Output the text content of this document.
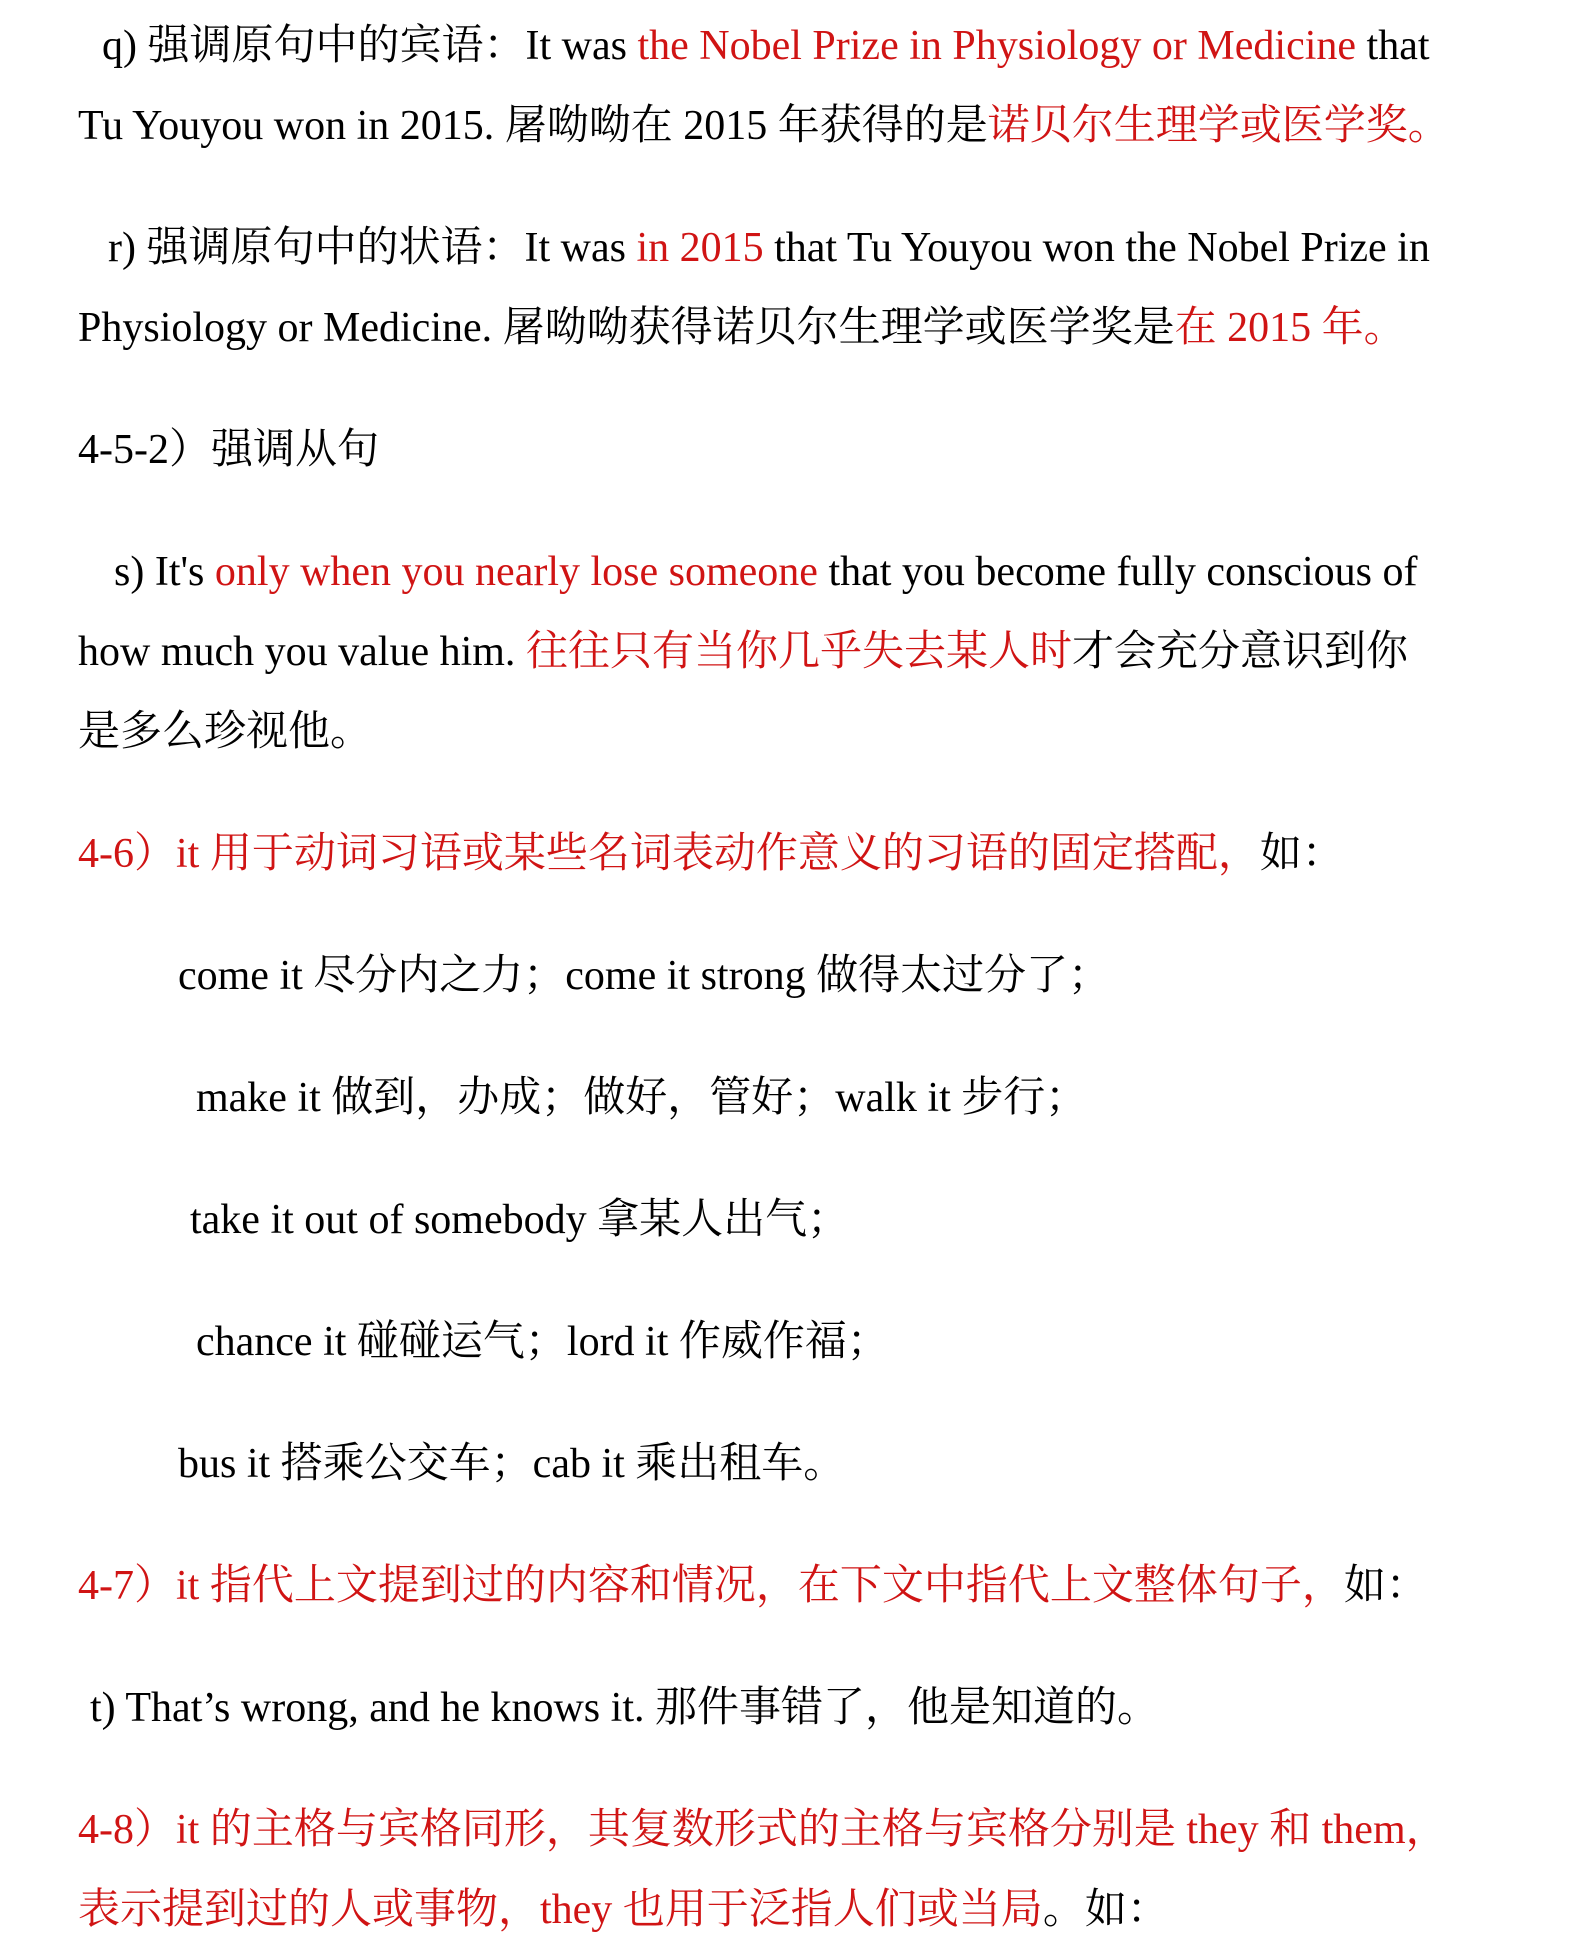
q) 强调原句中的宾语：It was the Nobel Prize in Physiology or Medicine that
Tu Youyou won in 2015. 屠呦呦在 2015 年获得的是诺贝尔生理学或医学奖。
r) 强调原句中的状语：It was in 2015 that Tu Youyou won the Nobel Prize in
Physiology or Medicine. 屠呦呦获得诺贝尔生理学或医学奖是在 2015 年。
4-5-2）强调从句
s) It's only when you nearly lose someone that you become fully conscious of
how much you value him. 往往只有当你几乎失去某人时才会充分意识到你
是多么珍视他。
4-6）it 用于动词习语或某些名词表动作意义的习语的固定搭配，如：
come it 尽分内之力；come it strong 做得太过分了；
make it 做到，办成；做好，管好；walk it 步行；
take it out of somebody 拿某人出气；
chance it 碰碰运气；lord it 作威作福；
bus it 搭乘公交车；cab it 乘出租车。
4-7）it 指代上文提到过的内容和情况，在下文中指代上文整体句子，如：
t) That’s wrong, and he knows it. 那件事错了，他是知道的。
4-8）it 的主格与宾格同形，其复数形式的主格与宾格分别是 they 和 them，
表示提到过的人或事物，they 也用于泛指人们或当局。如：
